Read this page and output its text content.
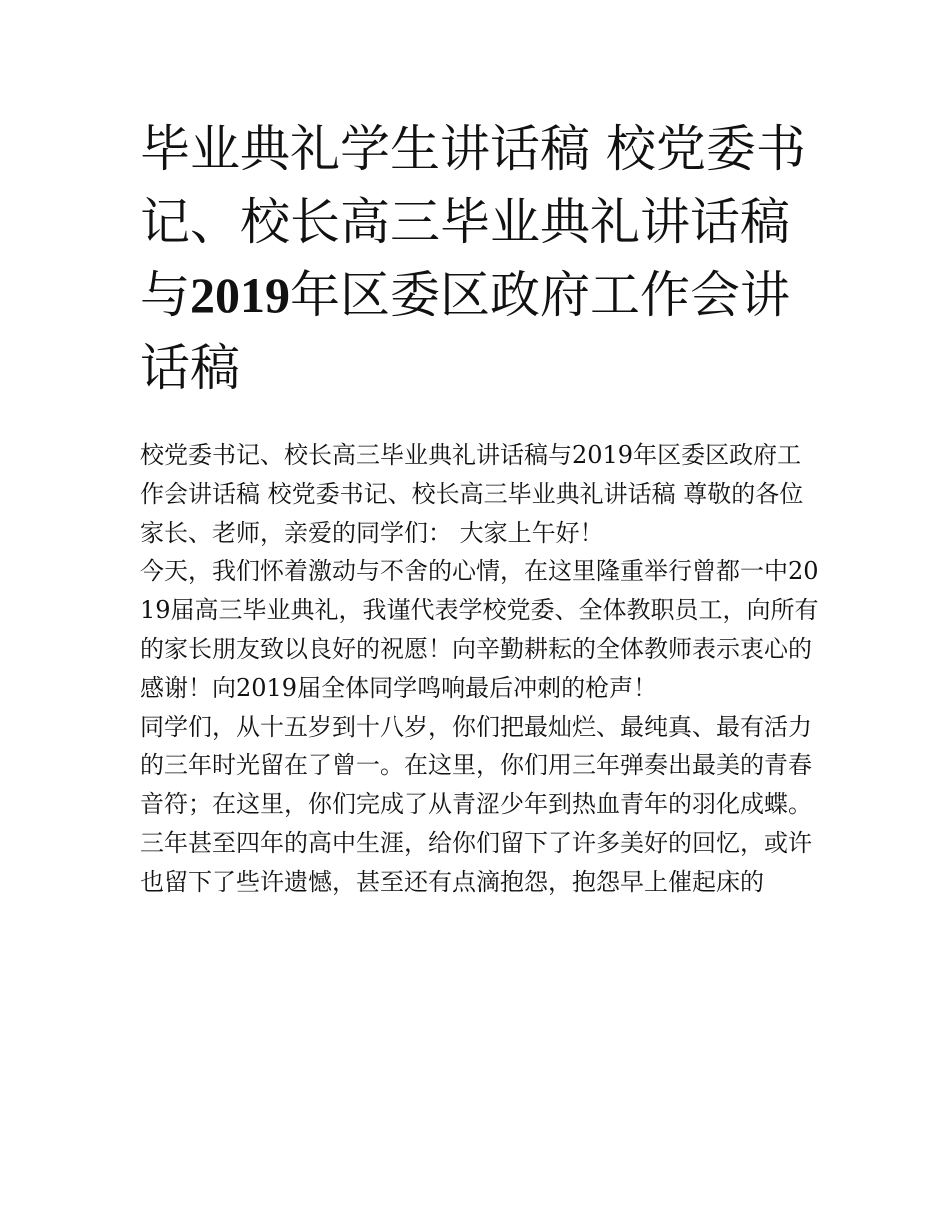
毕业典礼学生讲话稿 校党委书记、校长高三毕业典礼讲话稿与2019年区委区政府工作会讲话稿

校党委书记、校长高三毕业典礼讲话稿与2019年区委区政府工作会讲话稿 校党委书记、校长高三毕业典礼讲话稿 尊敬的各位家长、老师，亲爱的同学们： 大家上午好！

今天，我们怀着激动与不舍的心情，在这里隆重举行曾都一中2019届高三毕业典礼，我谨代表学校党委、全体教职员工，向所有的家长朋友致以良好的祝愿！向辛勤耕耘的全体教师表示衷心的感谢！向2019届全体同学鸣响最后冲刺的枪声！

同学们，从十五岁到十八岁，你们把最灿烂、最纯真、最有活力的三年时光留在了曾一。在这里，你们用三年弹奏出最美的青春音符；在这里，你们完成了从青涩少年到热血青年的羽化成蝶。

三年甚至四年的高中生涯，给你们留下了许多美好的回忆，或许也留下了些许遗憾，甚至还有点滴抱怨，抱怨早上催起床的
